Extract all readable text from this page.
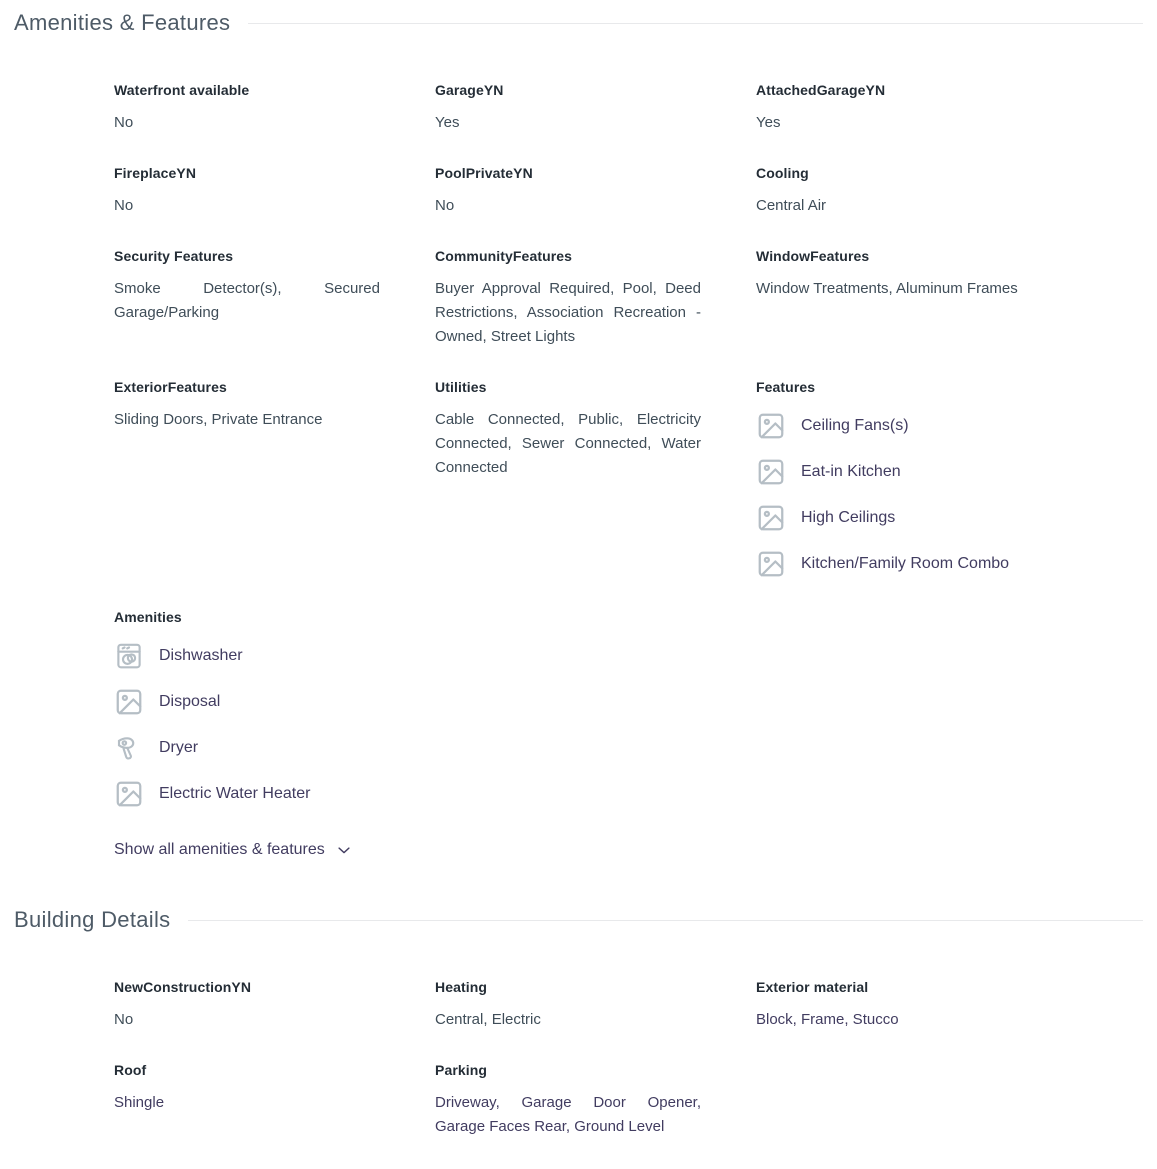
Amenities & Features
Waterfront available
No
GarageYN
Yes
AttachedGarageYN
Yes
FireplaceYN
No
PoolPrivateYN
No
Cooling
Central Air
Security Features
Smoke Detector(s), Secured Garage/Parking
CommunityFeatures
Buyer Approval Required, Pool, Deed Restrictions, Association Recreation - Owned, Street Lights
WindowFeatures
Window Treatments, Aluminum Frames
ExteriorFeatures
Sliding Doors, Private Entrance
Utilities
Cable Connected, Public, Electricity Connected, Sewer Connected, Water Connected
Features
Ceiling Fans(s)
Eat-in Kitchen
High Ceilings
Kitchen/Family Room Combo
Amenities
Dishwasher
Disposal
Dryer
Electric Water Heater
Show all amenities & features
Building Details
NewConstructionYN
No
Heating
Central, Electric
Exterior material
Block, Frame, Stucco
Roof
Shingle
Parking
Driveway, Garage Door Opener, Garage Faces Rear, Ground Level
